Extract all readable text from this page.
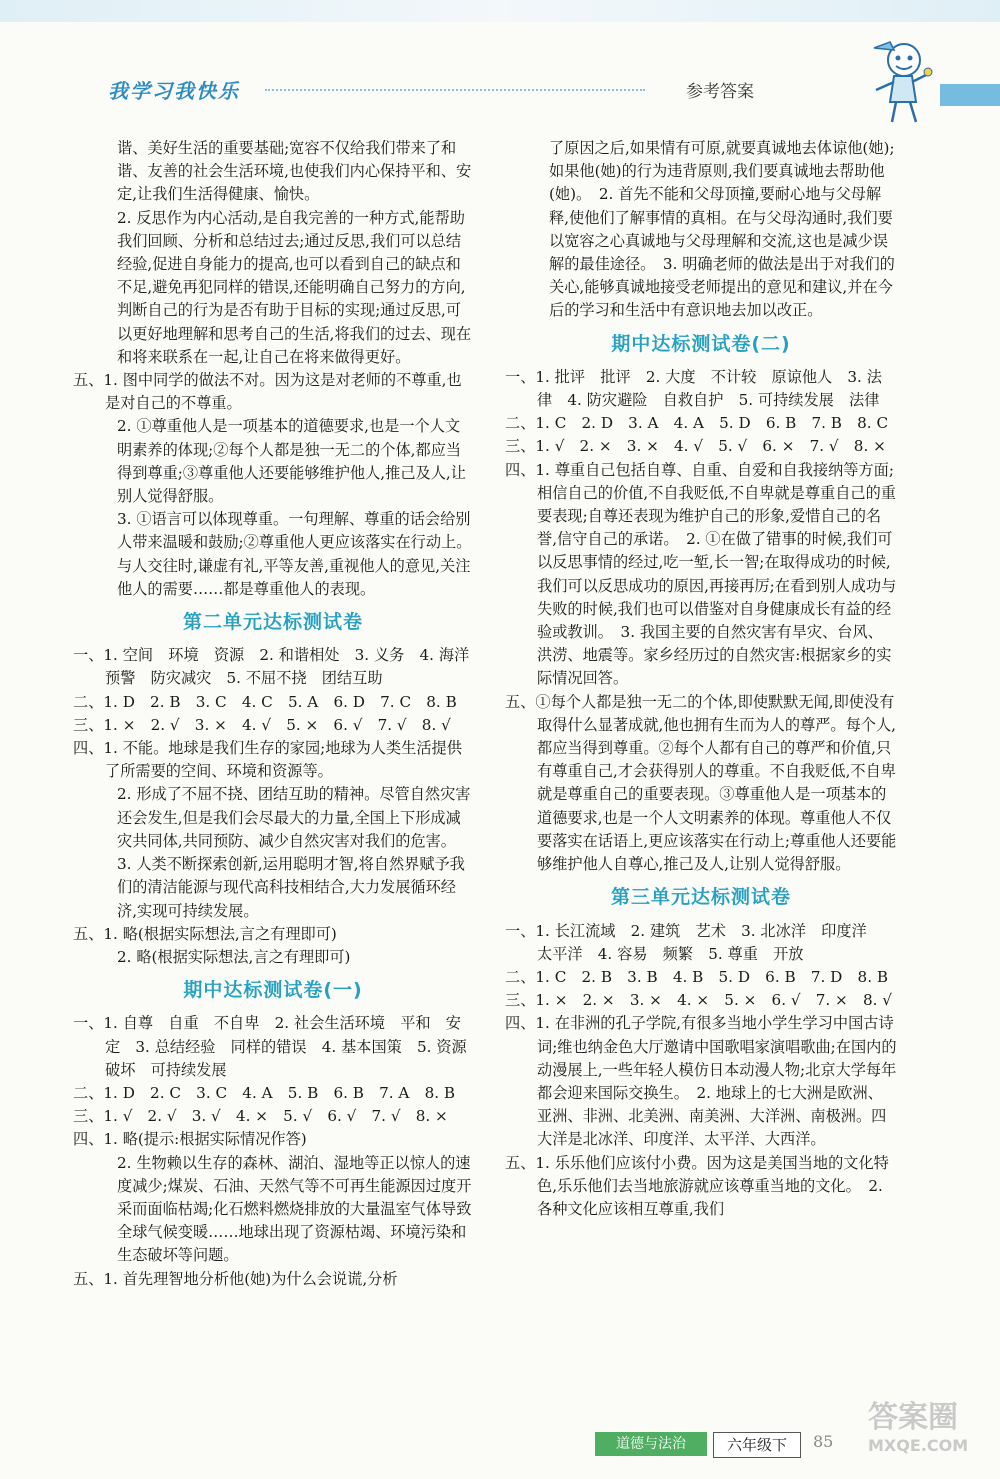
我学习我快乐	参考答案
谐、美好生活的重要基础;宽容不仅给我们带来了和谐、友善的社会生活环境,也使我们内心保持平和、安定,让我们生活得健康、愉快。
2. 反思作为内心活动,是自我完善的一种方式,能帮助我们回顾、分析和总结过去;通过反思,我们可以总结经验,促进自身能力的提高,也可以看到自己的缺点和不足,避免再犯同样的错误,还能明确自己努力的方向,判断自己的行为是否有助于目标的实现;通过反思,可以更好地理解和思考自己的生活,将我们的过去、现在和将来联系在一起,让自己在将来做得更好。
五、1. 图中同学的做法不对。因为这是对老师的不尊重,也是对自己的不尊重。
2. ①尊重他人是一项基本的道德要求,也是一个人文明素养的体现;②每个人都是独一无二的个体,都应当得到尊重;③尊重他人还要能够维护他人,推己及人,让别人觉得舒服。
3. ①语言可以体现尊重。一句理解、尊重的话会给别人带来温暖和鼓励;②尊重他人更应该落实在行动上。与人交往时,谦虚有礼,平等友善,重视他人的意见,关注他人的需要……都是尊重他人的表现。
第二单元达标测试卷
一、1. 空间　环境　资源　2. 和谐相处　3. 义务　4. 海洋　预警　防灾减灾　5. 不屈不挠　团结互助
二、1. D　2. B　3. C　4. C　5. A　6. D　7. C　8. B
三、1. ×　2. √　3. ×　4. √　5. ×　6. √　7. √　8. √
四、1. 不能。地球是我们生存的家园;地球为人类生活提供了所需要的空间、环境和资源等。
2. 形成了不屈不挠、团结互助的精神。尽管自然灾害还会发生,但是我们会尽最大的力量,全国上下形成减灾共同体,共同预防、减少自然灾害对我们的危害。　3. 人类不断探索创新,运用聪明才智,将自然界赋予我们的清洁能源与现代高科技相结合,大力发展循环经济,实现可持续发展。
五、1. 略(根据实际想法,言之有理即可)
2. 略(根据实际想法,言之有理即可)
期中达标测试卷(一)
一、1. 自尊　自重　不自卑　2. 社会生活环境　平和　安定　3. 总结经验　同样的错误　4. 基本国策　5. 资源破坏　可持续发展
二、1. D　2. C　3. C　4. A　5. B　6. B　7. A　8. B
三、1. √　2. √　3. √　4. ×　5. √　6. √　7. √　8. ×
四、1. 略(提示:根据实际情况作答)
2. 生物赖以生存的森林、湖泊、湿地等正以惊人的速度减少;煤炭、石油、天然气等不可再生能源因过度开采而面临枯竭;化石燃料燃烧排放的大量温室气体导致全球气候变暖……地球出现了资源枯竭、环境污染和生态破坏等问题。
五、1. 首先理智地分析他(她)为什么会说谎,分析
了原因之后,如果情有可原,就要真诚地去体谅他(她);如果他(她)的行为违背原则,我们要真诚地去帮助他(她)。　2. 首先不能和父母顶撞,要耐心地与父母解释,使他们了解事情的真相。在与父母沟通时,我们要以宽容之心真诚地与父母理解和交流,这也是减少误解的最佳途径。　3. 明确老师的做法是出于对我们的关心,能够真诚地接受老师提出的意见和建议,并在今后的学习和生活中有意识地去加以改正。
期中达标测试卷(二)
一、1. 批评　批评　2. 大度　不计较　原谅他人　3. 法律　4. 防灾避险　自救自护　5. 可持续发展　法律
二、1. C　2. D　3. A　4. A　5. D　6. B　7. B　8. C
三、1. √　2. ×　3. ×　4. √　5. √　6. ×　7. √　8. ×
四、1. 尊重自己包括自尊、自重、自爱和自我接纳等方面;相信自己的价值,不自我贬低,不自卑就是尊重自己的重要表现;自尊还表现为维护自己的形象,爱惜自己的名誉,信守自己的承诺。　2. ①在做了错事的时候,我们可以反思事情的经过,吃一堑,长一智;在取得成功的时候,我们可以反思成功的原因,再接再厉;在看到别人成功与失败的时候,我们也可以借鉴对自身健康成长有益的经验或教训。　3. 我国主要的自然灾害有旱灾、台风、洪涝、地震等。家乡经历过的自然灾害:根据家乡的实际情况回答。
五、①每个人都是独一无二的个体,即使默默无闻,即使没有取得什么显著成就,他也拥有生而为人的尊严。每个人,都应当得到尊重。②每个人都有自己的尊严和价值,只有尊重自己,才会获得别人的尊重。不自我贬低,不自卑就是尊重自己的重要表现。③尊重他人是一项基本的道德要求,也是一个人文明素养的体现。尊重他人不仅要落实在话语上,更应该落实在行动上;尊重他人还要能够维护他人自尊心,推己及人,让别人觉得舒服。
第三单元达标测试卷
一、1. 长江流域　2. 建筑　艺术　3. 北冰洋　印度洋　太平洋　4. 容易　频繁　5. 尊重　开放
二、1. C　2. B　3. B　4. B　5. D　6. B　7. D　8. B
三、1. ×　2. ×　3. ×　4. ×　5. ×　6. √　7. ×　8. √
四、1. 在非洲的孔子学院,有很多当地小学生学习中国古诗词;维也纳金色大厅邀请中国歌唱家演唱歌曲;在国内的动漫展上,一些年轻人模仿日本动漫人物;北京大学每年都会迎来国际交换生。　2. 地球上的七大洲是欧洲、亚洲、非洲、北美洲、南美洲、大洋洲、南极洲。四大洋是北冰洋、印度洋、太平洋、大西洋。
五、1. 乐乐他们应该付小费。因为这是美国当地的文化特色,乐乐他们去当地旅游就应该尊重当地的文化。　2. 各种文化应该相互尊重,我们
道德与法治	六年级下	85
答案圈
MXQE.COM
